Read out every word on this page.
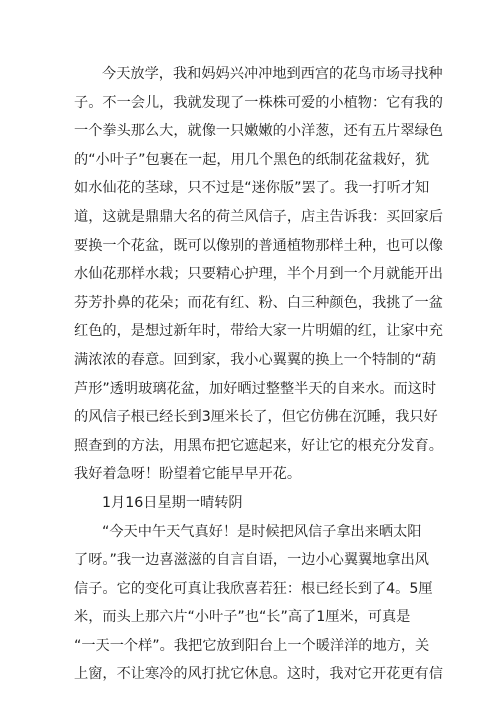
今天放学，我和妈妈兴冲冲地到西宫的花鸟市场寻找种
子。不一会儿，我就发现了一株株可爱的小植物：它有我的
一个拳头那么大，就像一只嫩嫩的小洋葱，还有五片翠绿色
的“小叶子”包裹在一起，用几个黑色的纸制花盆栽好，犹
如水仙花的茎球，只不过是“迷你版”罢了。我一打听才知
道，这就是鼎鼎大名的荷兰风信子，店主告诉我：买回家后
要换一个花盆，既可以像别的普通植物那样土种，也可以像
水仙花那样水栽；只要精心护理，半个月到一个月就能开出
芬芳扑鼻的花朵；而花有红、粉、白三种颜色，我挑了一盆
红色的，是想过新年时，带给大家一片明媚的红，让家中充
满浓浓的春意。回到家，我小心翼翼的换上一个特制的“葫
芦形”透明玻璃花盆，加好晒过整整半天的自来水。而这时
的风信子根已经长到3厘米长了，但它仿佛在沉睡，我只好
照查到的方法，用黑布把它遮起来，好让它的根充分发育。
我好着急呀！盼望着它能早早开花。
1月16日星期一晴转阴
“今天中午天气真好！是时候把风信子拿出来晒太阳
了呀。”我一边喜滋滋的自言自语，一边小心翼翼地拿出风
信子。它的变化可真让我欣喜若狂：根已经长到了4。5厘
米，而头上那六片“小叶子”也“长”高了1厘米，可真是
“一天一个样”。我把它放到阳台上一个暖洋洋的地方，关
上窗，不让寒冷的风打扰它休息。这时，我对它开花更有信
